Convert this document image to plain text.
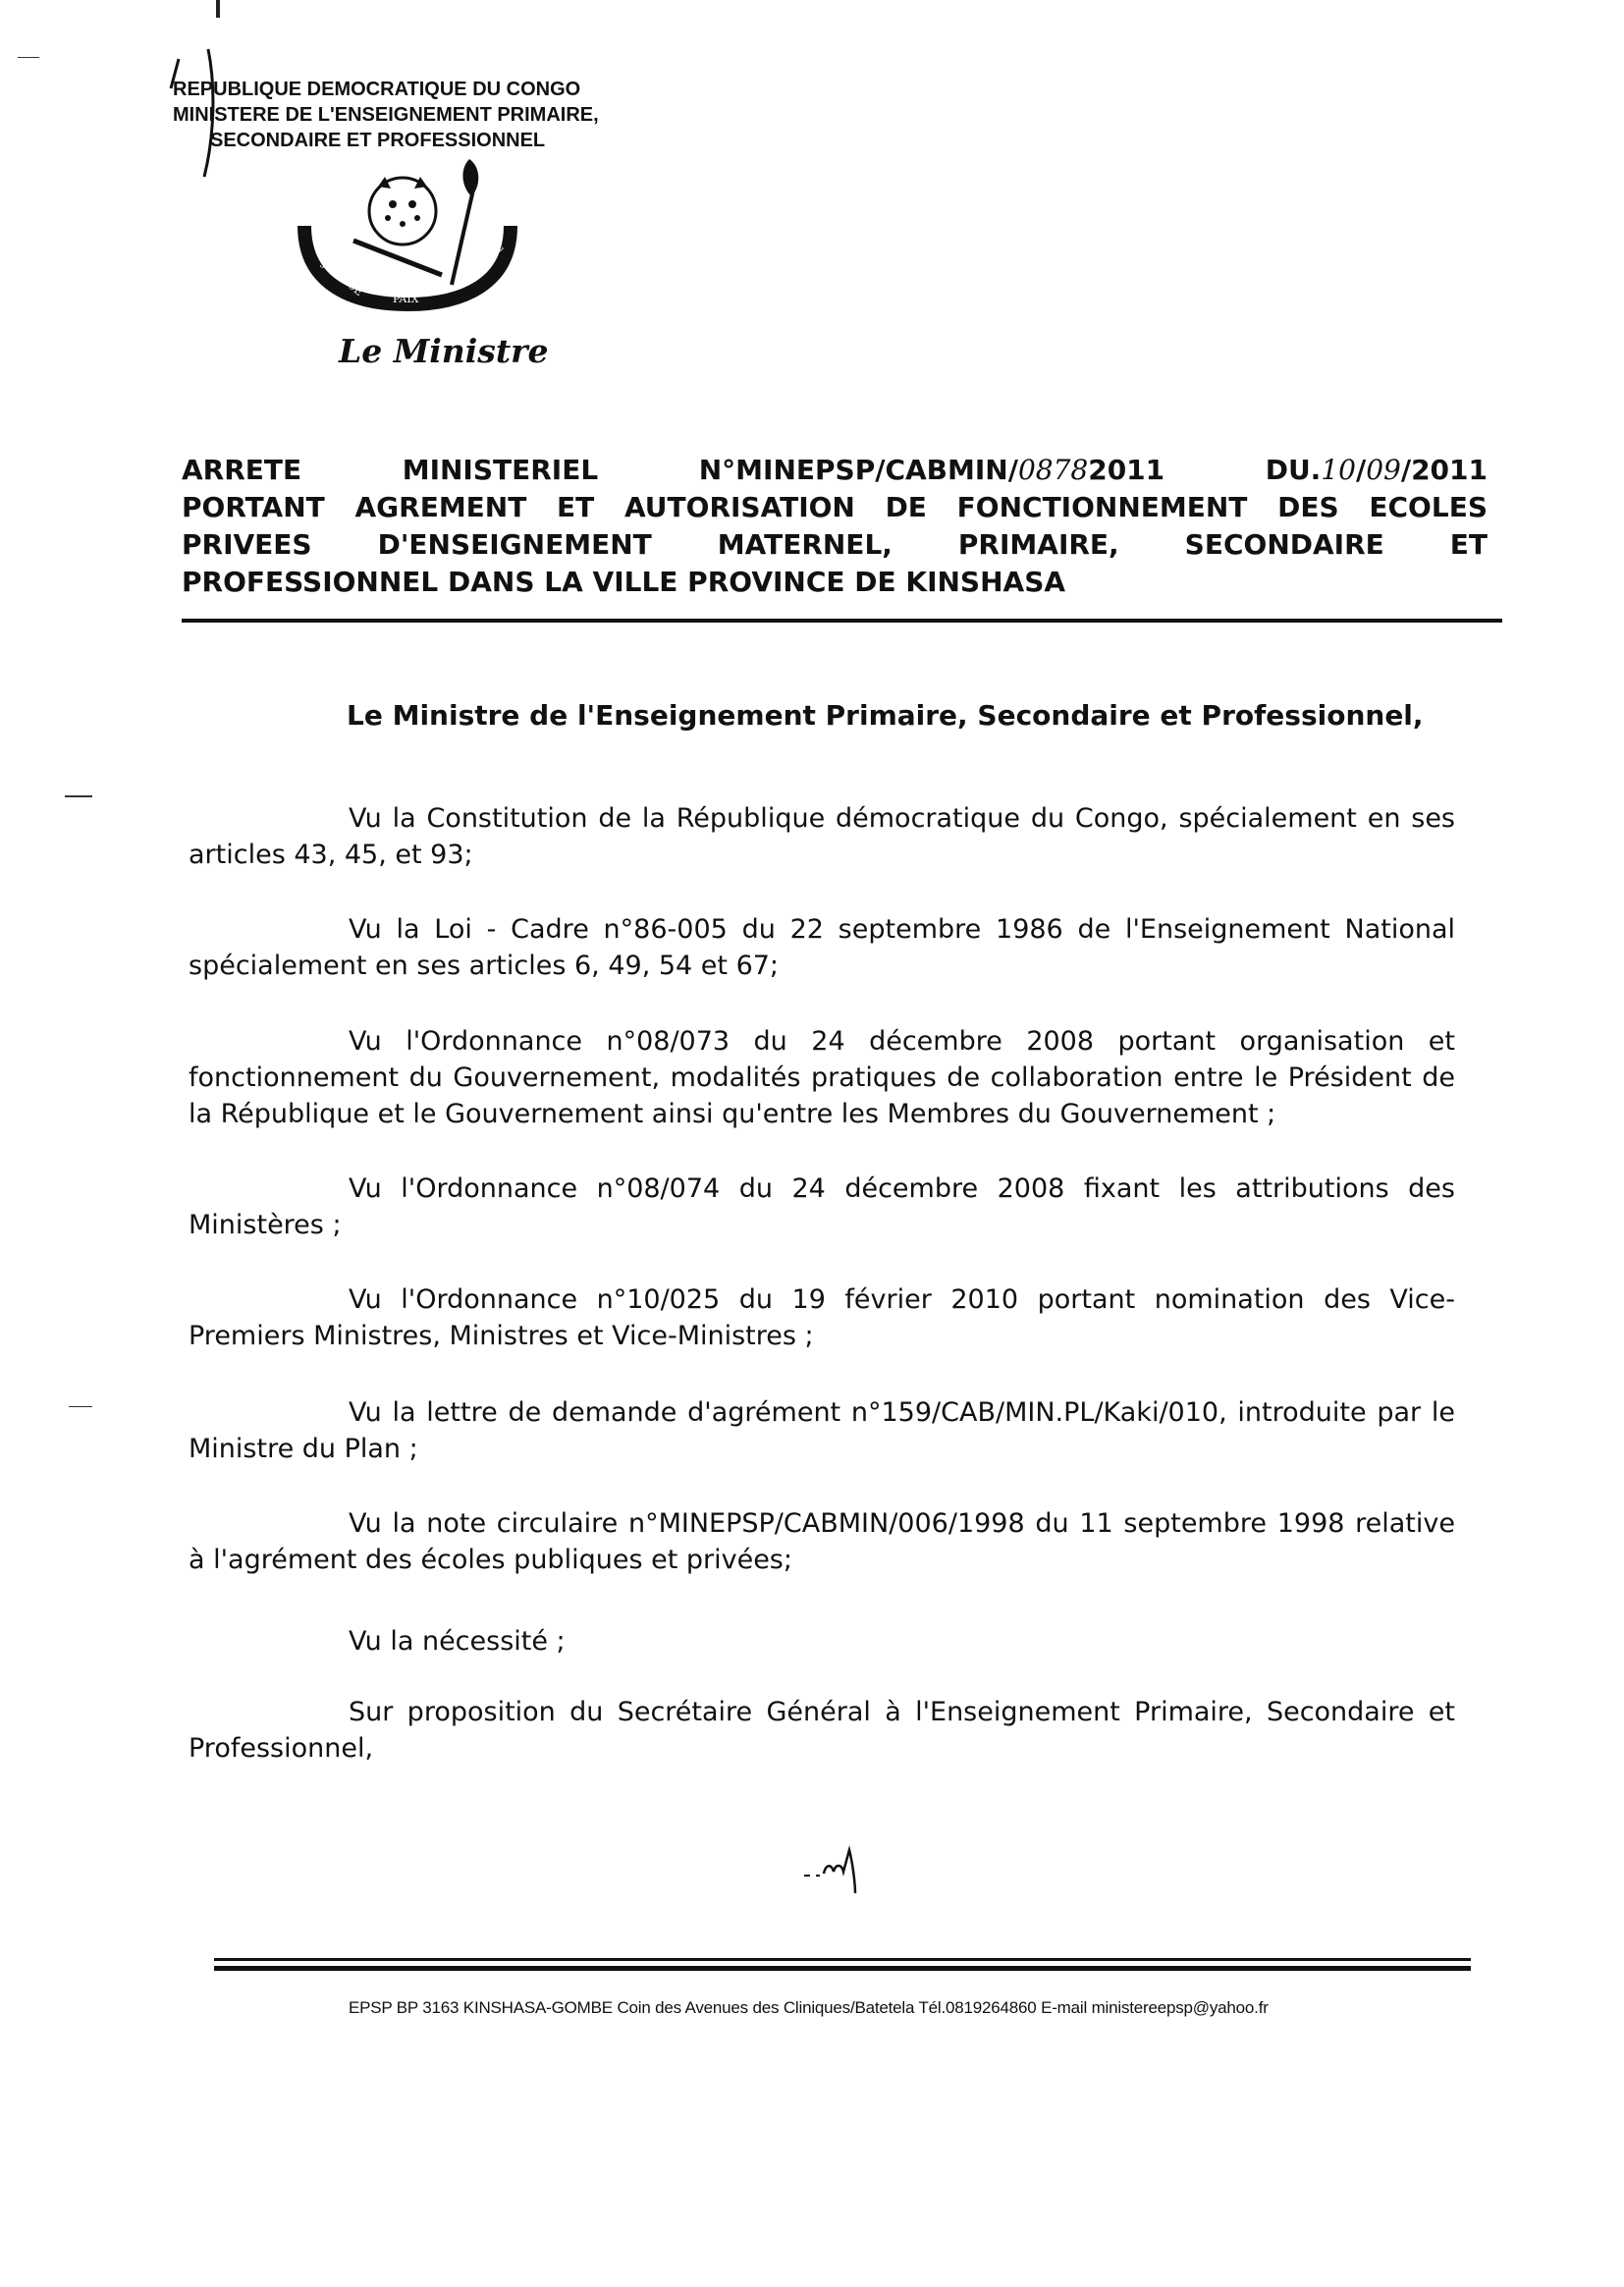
REPUBLIQUE DEMOCRATIQUE DU CONGO
MINISTERE DE L'ENSEIGNEMENT PRIMAIRE,
SECONDAIRE ET PROFESSIONNEL
JUSTICE
PAIX
TRAVAIL
Le Ministre
ARRETE	MINISTERIEL	N°MINEPSP/CABMIN/08782011	DU.10/09/2011
PORTANT AGREMENT ET AUTORISATION DE FONCTIONNEMENT DES ECOLES
PRIVEES D'ENSEIGNEMENT MATERNEL, PRIMAIRE, SECONDAIRE ET
PROFESSIONNEL DANS LA VILLE PROVINCE DE KINSHASA
Le Ministre de l'Enseignement Primaire, Secondaire et Professionnel,

Vu la Constitution de la République démocratique du Congo, spécialement en ses articles 43, 45, et 93;

Vu la Loi - Cadre n°86-005 du 22 septembre 1986 de l'Enseignement National spécialement en ses articles 6, 49, 54 et 67;

Vu l'Ordonnance n°08/073 du 24 décembre 2008 portant organisation et fonctionnement du Gouvernement, modalités pratiques de collaboration entre le Président de la République et le Gouvernement ainsi qu'entre les Membres du Gouvernement ;

Vu l'Ordonnance n°08/074 du 24 décembre 2008 fixant les attributions des Ministères ;

Vu l'Ordonnance n°10/025 du 19 février 2010 portant nomination des Vice-Premiers Ministres, Ministres et Vice-Ministres ;

Vu la lettre de demande d'agrément n°159/CAB/MIN.PL/Kaki/010, introduite par le Ministre du Plan ;

Vu la note circulaire n°MINEPSP/CABMIN/006/1998 du 11 septembre 1998 relative à l'agrément des écoles publiques et privées;

Vu la nécessité ;

Sur proposition du Secrétaire Général à l'Enseignement Primaire, Secondaire et Professionnel,

EPSP BP 3163 KINSHASA-GOMBE Coin des Avenues des Cliniques/Batetela Tél.0819264860 E-mail ministereepsp@yahoo.fr
